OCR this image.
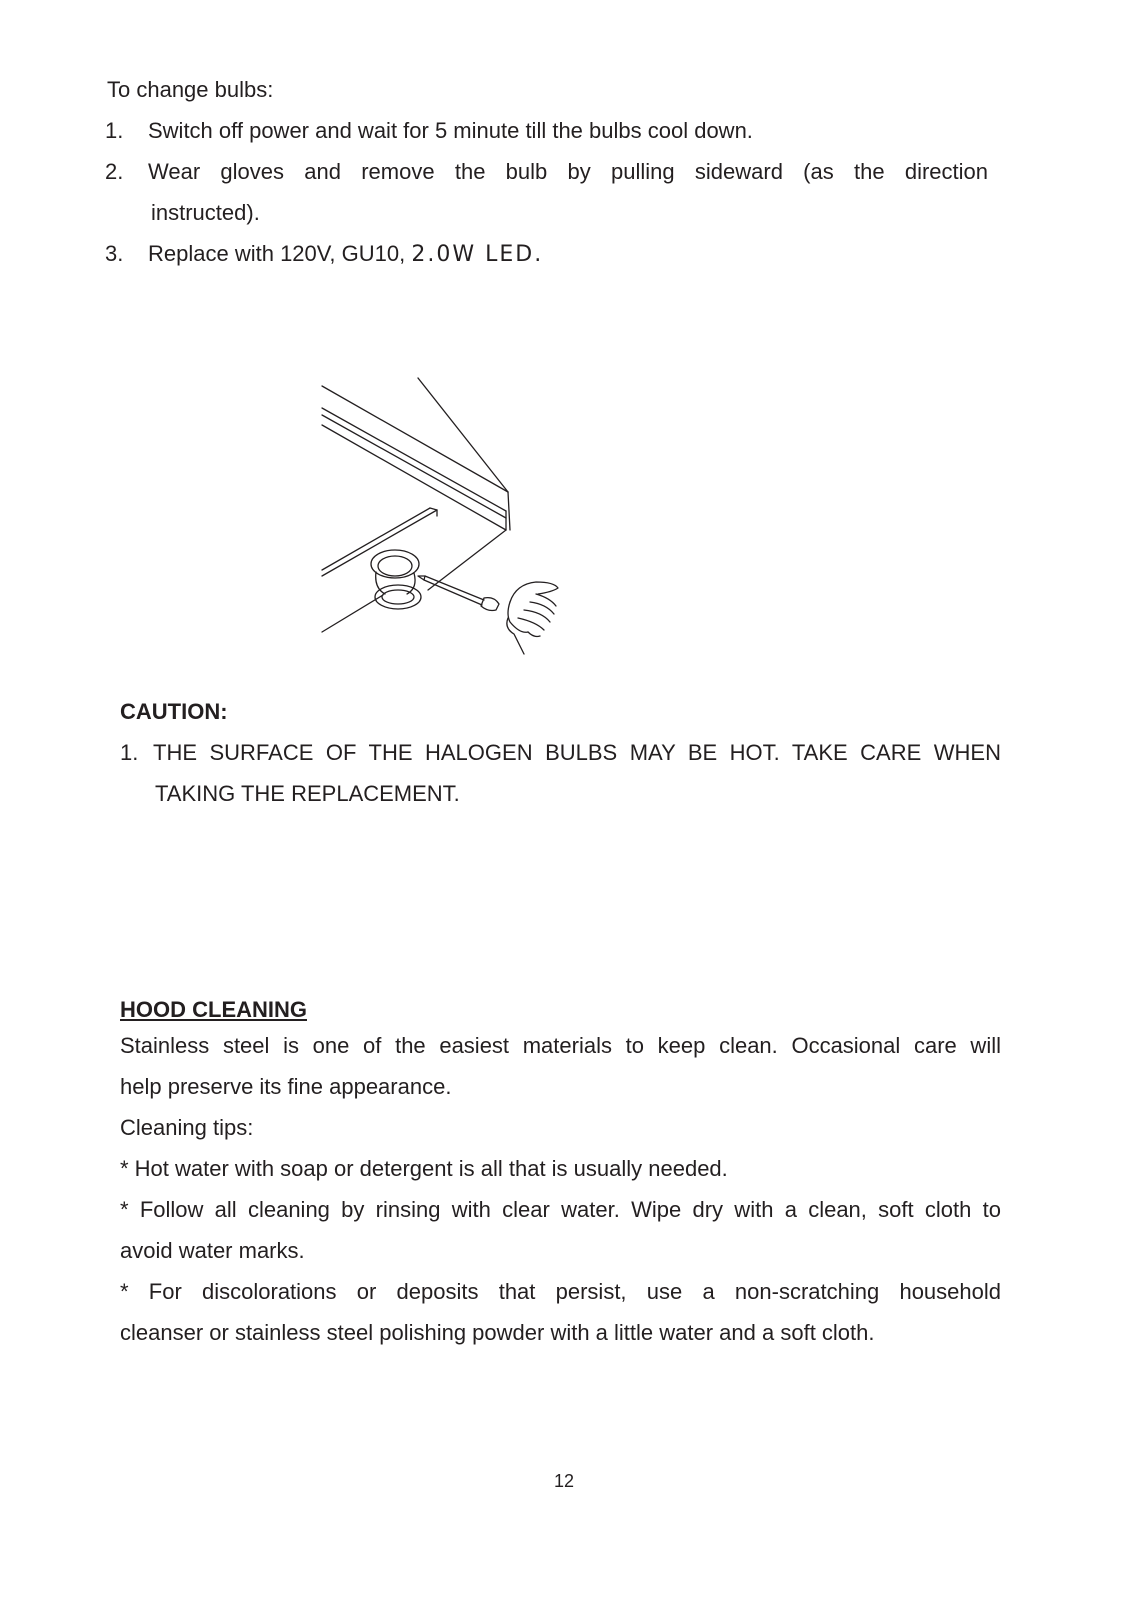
To change bulbs:
1. Switch off power and wait for 5 minute till the bulbs cool down.
2. Wear gloves and remove the bulb by pulling sideward (as the direction
instructed).
3. Replace with 120V, GU10, 2.0W LED.
CAUTION:
1. THE SURFACE OF THE HALOGEN BULBS MAY BE HOT. TAKE CARE WHEN
TAKING THE REPLACEMENT.
HOOD CLEANING
Stainless steel is one of the easiest materials to keep clean. Occasional care will
help preserve its fine appearance.
Cleaning tips:
* Hot water with soap or detergent is all that is usually needed.
* Follow all cleaning by rinsing with clear water. Wipe dry with a clean, soft cloth to
avoid water marks.
* For discolorations or deposits that persist, use a non-scratching household
cleanser or stainless steel polishing powder with a little water and a soft cloth.
12
